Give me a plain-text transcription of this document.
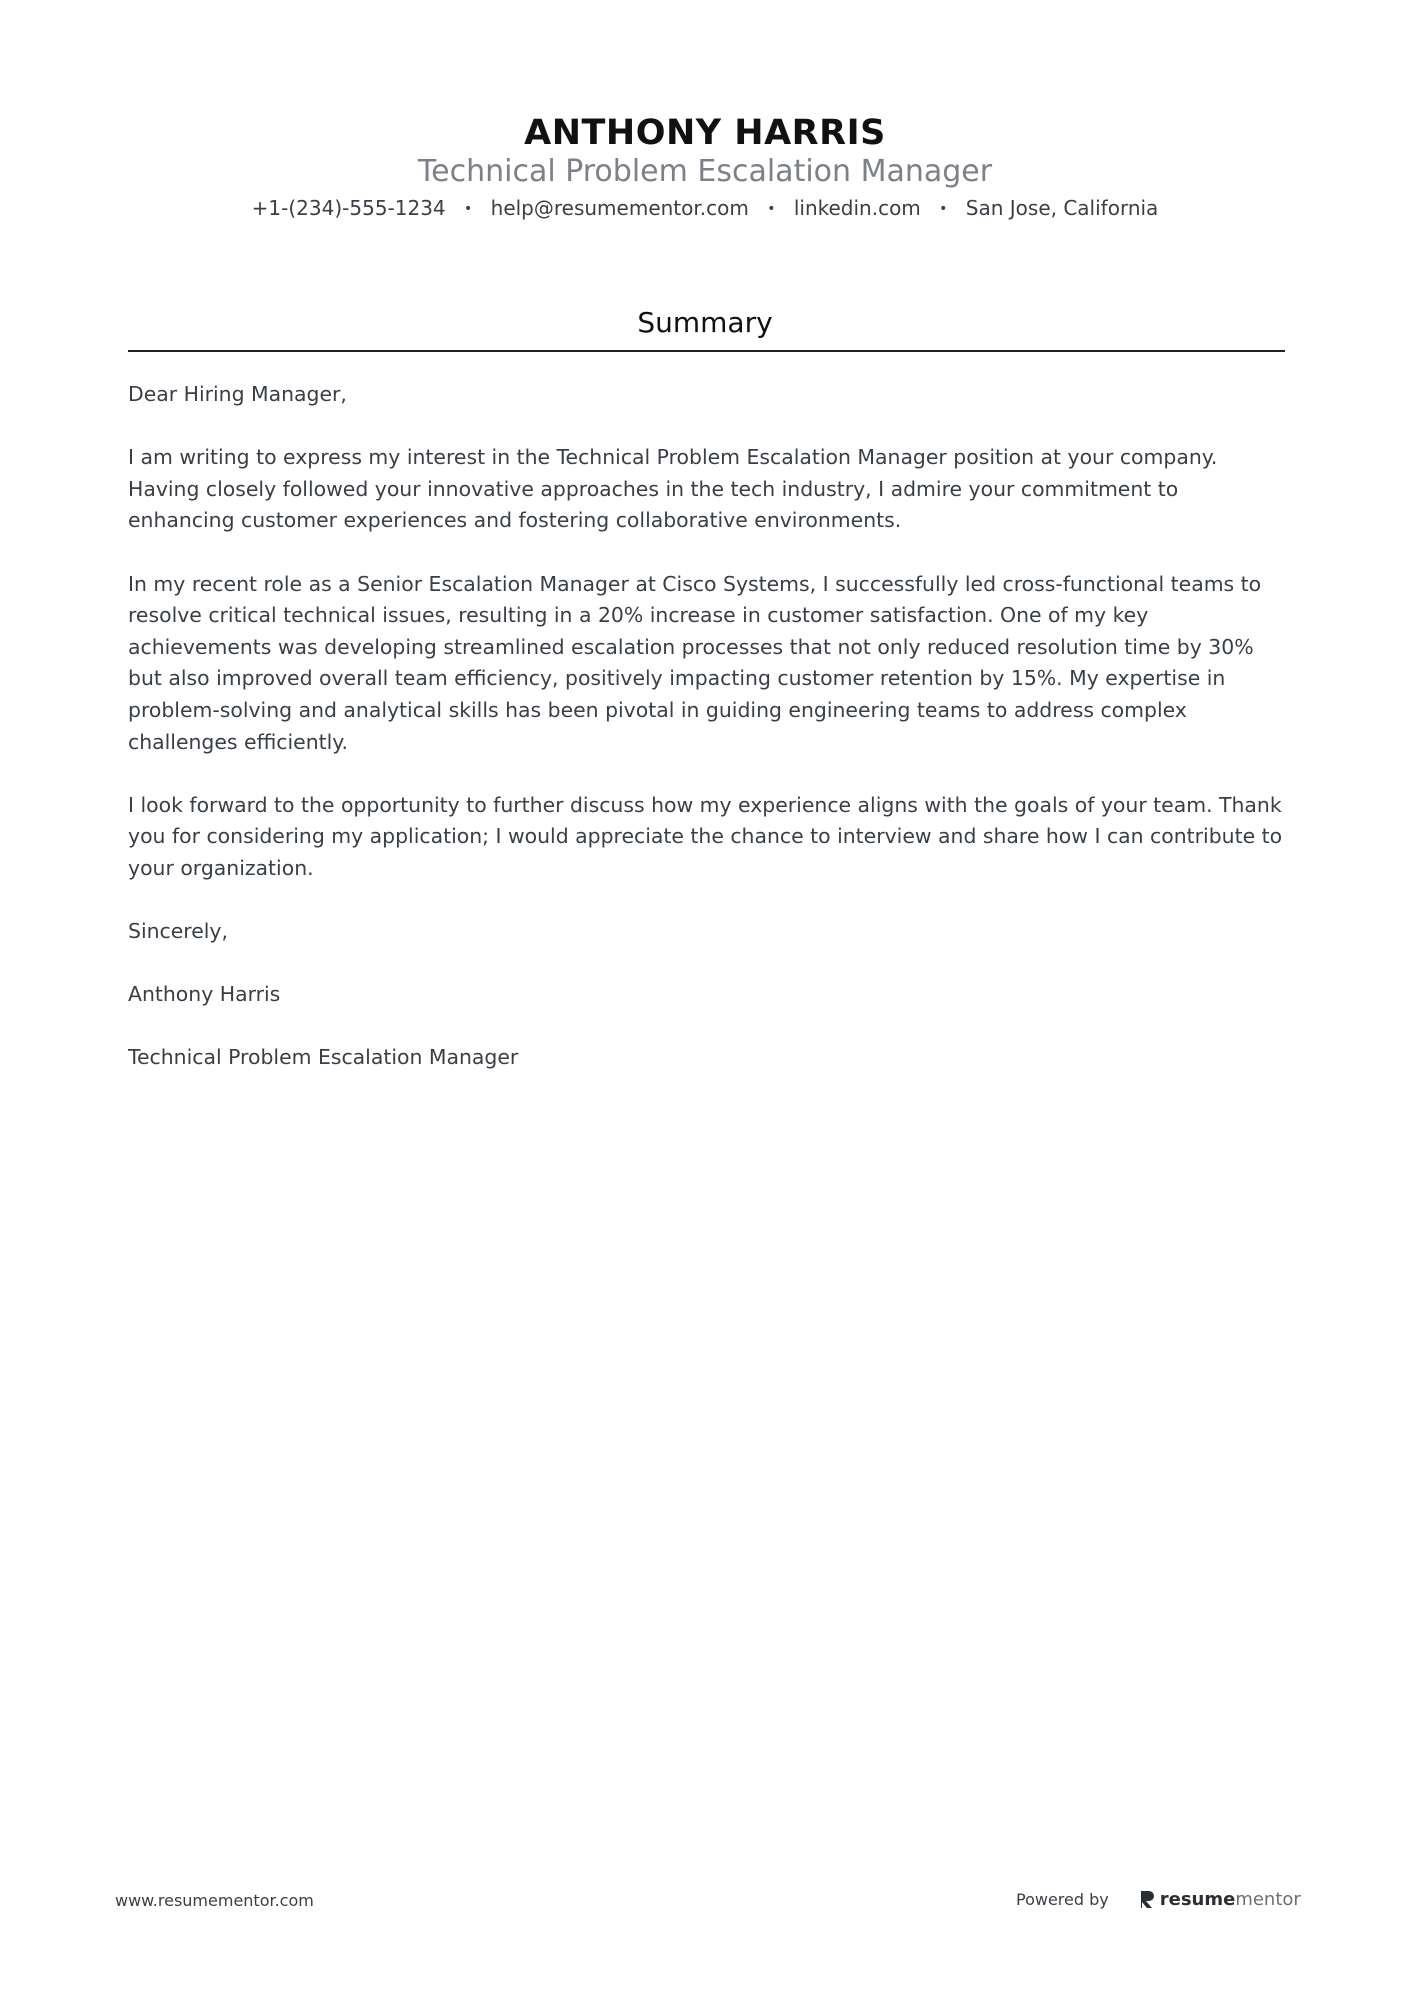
ANTHONY HARRIS
Technical Problem Escalation Manager
+1-(234)-555-1234 • help@resumementor.com • linkedin.com • San Jose, California
Summary

Dear Hiring Manager,

I am writing to express my interest in the Technical Problem Escalation Manager position at your company. Having closely followed your innovative approaches in the tech industry, I admire your commitment to enhancing customer experiences and fostering collaborative environments.

In my recent role as a Senior Escalation Manager at Cisco Systems, I successfully led cross-functional teams to resolve critical technical issues, resulting in a 20% increase in customer satisfaction. One of my key achievements was developing streamlined escalation processes that not only reduced resolution time by 30% but also improved overall team efficiency, positively impacting customer retention by 15%. My expertise in problem-solving and analytical skills has been pivotal in guiding engineering teams to address complex challenges efficiently.

I look forward to the opportunity to further discuss how my experience aligns with the goals of your team. Thank you for considering my application; I would appreciate the chance to interview and share how I can contribute to your organization.

Sincerely,

Anthony Harris

Technical Problem Escalation Manager

www.resumementor.com	Powered by	resume mentor
